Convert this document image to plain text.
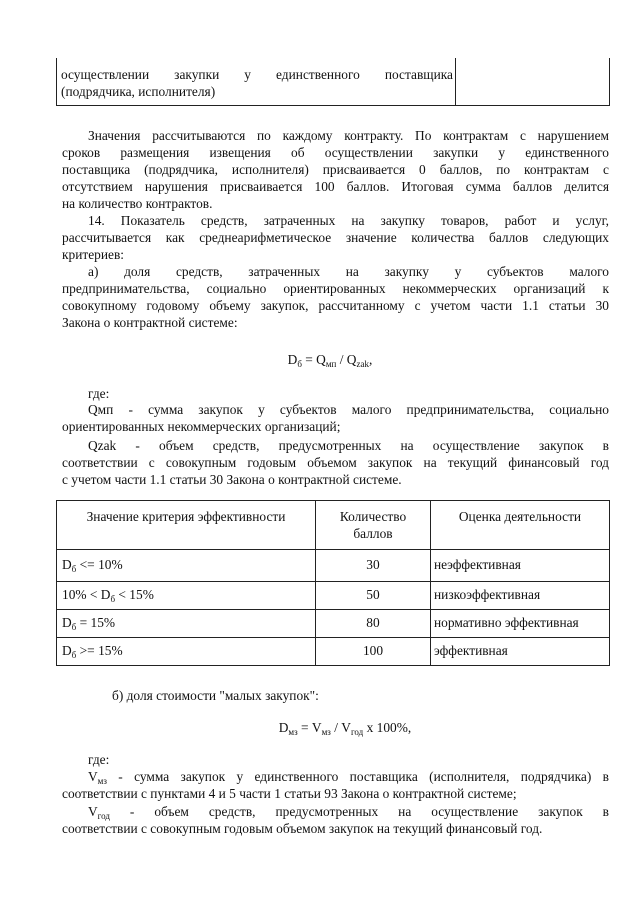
осуществлении закупки у единственного поставщика
(подрядчика, исполнителя)
Значения рассчитываются по каждому контракту. По контрактам с нарушением
сроков размещения извещения об осуществлении закупки у единственного
поставщика (подрядчика, исполнителя) присваивается 0 баллов, по контрактам с
отсутствием нарушения присваивается 100 баллов. Итоговая сумма баллов делится
на количество контрактов.
14. Показатель средств, затраченных на закупку товаров, работ и услуг,
рассчитывается как среднеарифметическое значение количества баллов следующих
критериев:
а) доля средств, затраченных на закупку у субъектов малого
предпринимательства, социально ориентированных некоммерческих организаций к
совокупному годовому объему закупок, рассчитанному с учетом части 1.1 статьи 30
Закона о контрактной системе:
$D_б = Q_{мп} / Q_{zak}$,
где:
Qмп - сумма закупок у субъектов малого предпринимательства, социально
ориентированных некоммерческих организаций;
Qzak - объем средств, предусмотренных на осуществление закупок в
соответствии с совокупным годовым объемом закупок на текущий финансовый год
с учетом части 1.1 статьи 30 Закона о контрактной системе.
Значение критерия эффективности	Количество
баллов	Оценка деятельности
$D_б <= 10\%$	30	неэффективная
$10\% < D_б < 15\%$	50	низкоэффективная
$D_б = 15\%$	80	нормативно эффективная
$D_б >= 15\%$	100	эффективная
б) доля стоимости "малых закупок":
$D_{мз} = V_{мз} / V_{год}$ х 100%,
где:
$V_{мз}$ - сумма закупок у единственного поставщика (исполнителя, подрядчика) в
соответствии с пунктами 4 и 5 части 1 статьи 93 Закона о контрактной системе;
$V_{год}$ - объем средств, предусмотренных на осуществление закупок в
соответствии с совокупным годовым объемом закупок на текущий финансовый год.
